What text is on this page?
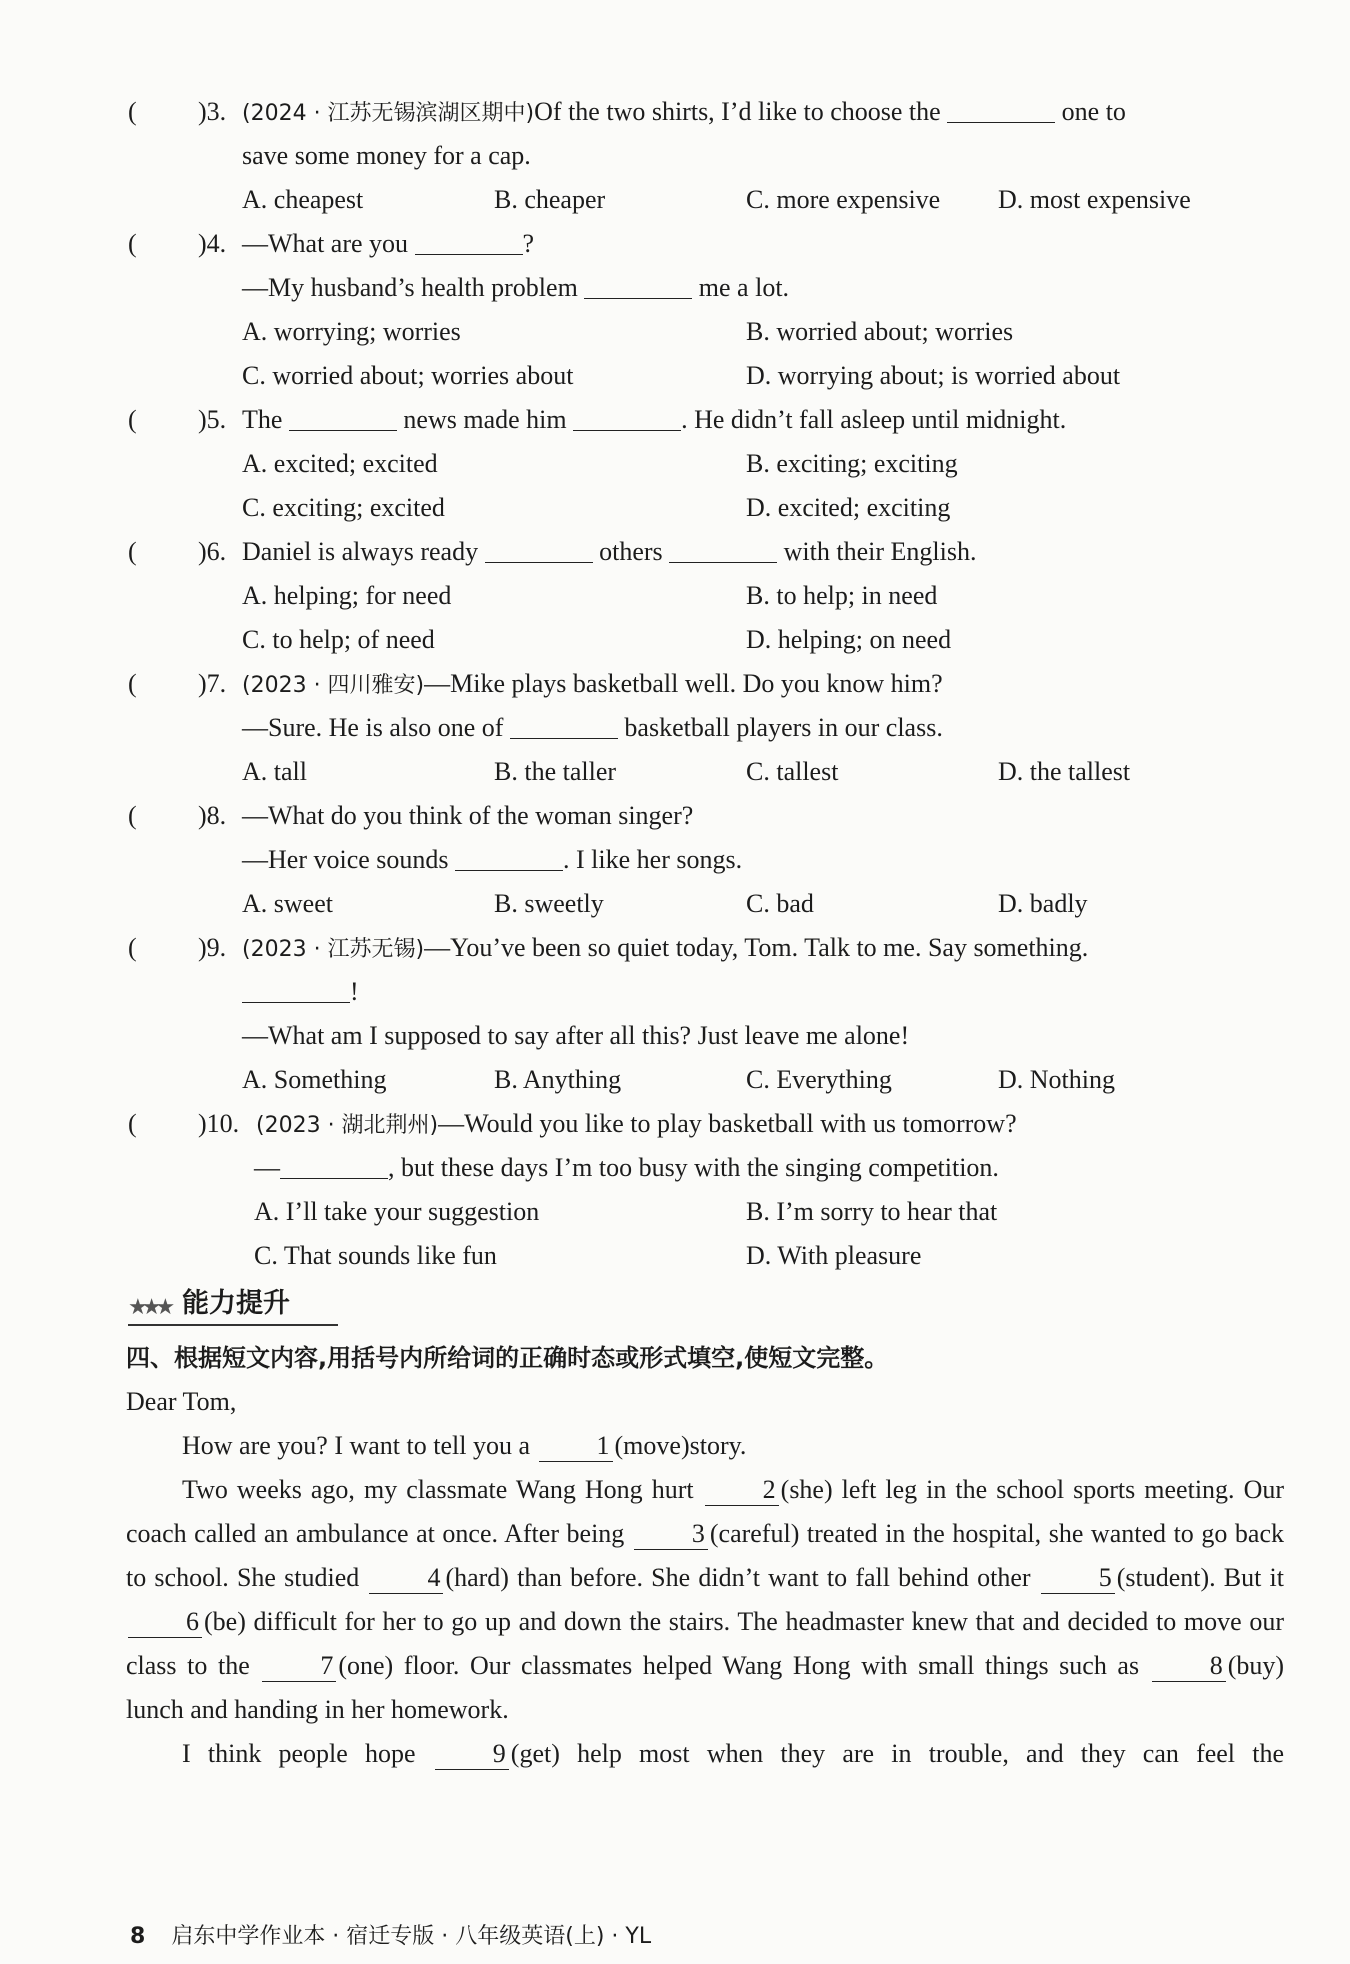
( )3. (2024 · 江苏无锡滨湖区期中)Of the two shirts, I’d like to choose the	one to
save some money for a cap.
A. cheapest	B. cheaper	C. more expensive D. most expensive
( )4. —What are you	?
—My husband’s health problem	me a lot.
A. worrying; worries	B. worried about; worries
C. worried about; worries about	D. worrying about; is worried about
( )5. The	news made him	. He didn’t fall asleep until midnight.
A. excited; excited	B. exciting; exciting
C. exciting; excited	D. excited; exciting
( )6. Daniel is always ready	others	with their English.
A. helping; for need	B. to help; in need
C. to help; of need	D. helping; on need
( )7. (2023 · 四川雅安)—Mike plays basketball well. Do you know him?
—Sure. He is also one of	basketball players in our class.
A. tall	B. the taller	C. tallest	D. the tallest
( )8. —What do you think of the woman singer?
—Her voice sounds	. I like her songs.
A. sweet	B. sweetly	C. bad	D. badly
( )9. (2023 · 江苏无锡)—You’ve been so quiet today, Tom. Talk to me. Say something.
!
—What am I supposed to say after all this? Just leave me alone!
A. Something	B. Anything	C. Everything	D. Nothing
( )10. (2023 · 湖北荆州)—Would you like to play basketball with us tomorrow?
—	, but these days I’m too busy with the singing competition.
A. I’ll take your suggestion	B. I’m sorry to hear that
C. That sounds like fun	D. With pleasure
★★★ 能力提升
四、根据短文内容,用括号内所给词的正确时态或形式填空,使短文完整。

Dear Tom,

How are you? I want to tell you a	1 (move)story.

Two weeks ago, my classmate Wang Hong hurt	2 (she) left leg in the school sports meeting. Our coach called an ambulance at once. After being	3 (careful) treated in the hospital, she wanted to go back to school. She studied	4 (hard) than before. She didn’t want to fall behind other	5 (student). But it 6 (be) difficult for her to go up and down the stairs. The headmaster knew that and decided to move our class to the	7 (one) floor. Our classmates helped Wang Hong with small things such as	8 (buy) lunch and handing in her homework.

I think people hope	9 (get) help most when they are in trouble, and they can feel the

8 启东中学作业本 · 宿迁专版 · 八年级英语(上) · YL
